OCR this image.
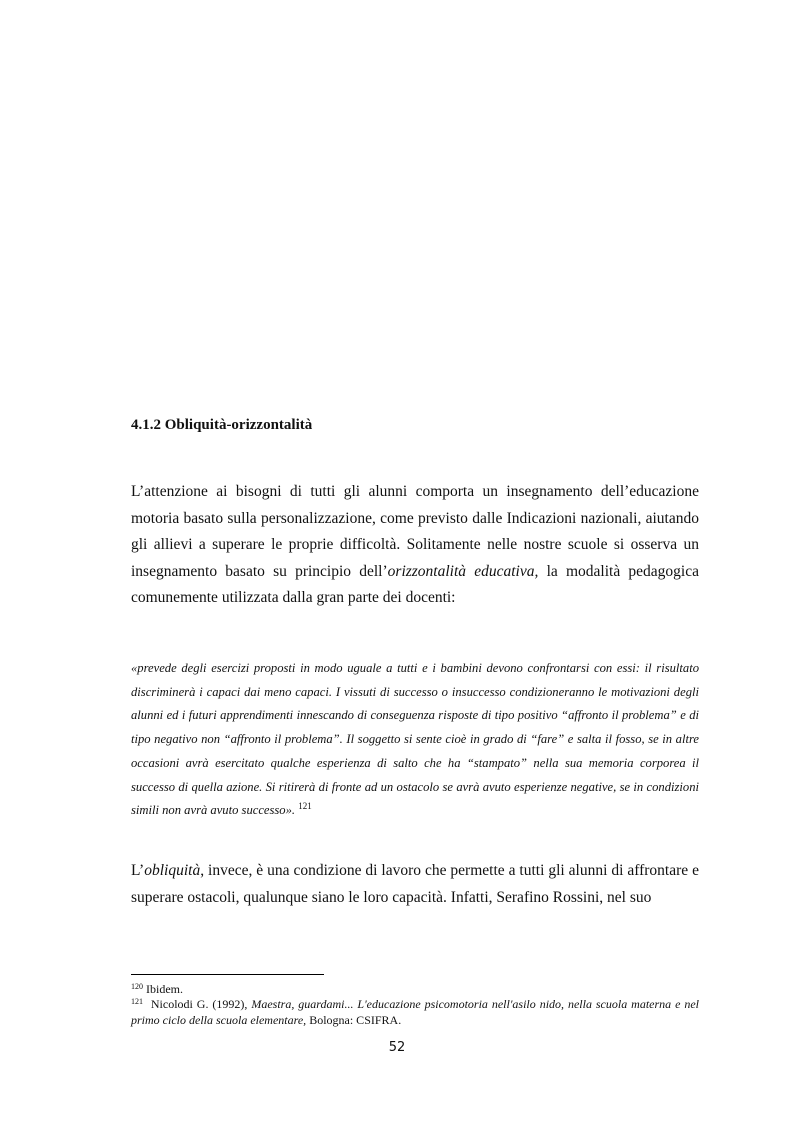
4.1.2 Obliquità-orizzontalità

L’attenzione ai bisogni di tutti gli alunni comporta un insegnamento dell’educazione motoria basato sulla personalizzazione, come previsto dalle Indicazioni nazionali, aiutando gli allievi a superare le proprie difficoltà. Solitamente nelle nostre scuole si osserva un insegnamento basato su principio dell’orizzontalità educativa, la modalità pedagogica comunemente utilizzata dalla gran parte dei docenti:

«prevede degli esercizi proposti in modo uguale a tutti e i bambini devono confrontarsi con essi: il risultato discriminerà i capaci dai meno capaci. I vissuti di successo o insuccesso condizioneranno le motivazioni degli alunni ed i futuri apprendimenti innescando di conseguenza risposte di tipo positivo “affronto il problema” e di tipo negativo non “affronto il problema”. Il soggetto si sente cioè in grado di “fare” e salta il fosso, se in altre occasioni avrà esercitato qualche esperienza di salto che ha “stampato” nella sua memoria corporea il successo di quella azione. Si ritirerà di fronte ad un ostacolo se avrà avuto esperienze negative, se in condizioni simili non avrà avuto successo». $^{121}$

L’obliquità, invece, è una condizione di lavoro che permette a tutti gli alunni di affrontare e superare ostacoli, qualunque siano le loro capacità. Infatti, Serafino Rossini, nel suo

$^{120}$ Ibidem.

$^{121}$ Nicolodi G. (1992), Maestra, guardami... L'educazione psicomotoria nell'asilo nido, nella scuola materna e nel primo ciclo della scuola elementare, Bologna: CSIFRA.

52
